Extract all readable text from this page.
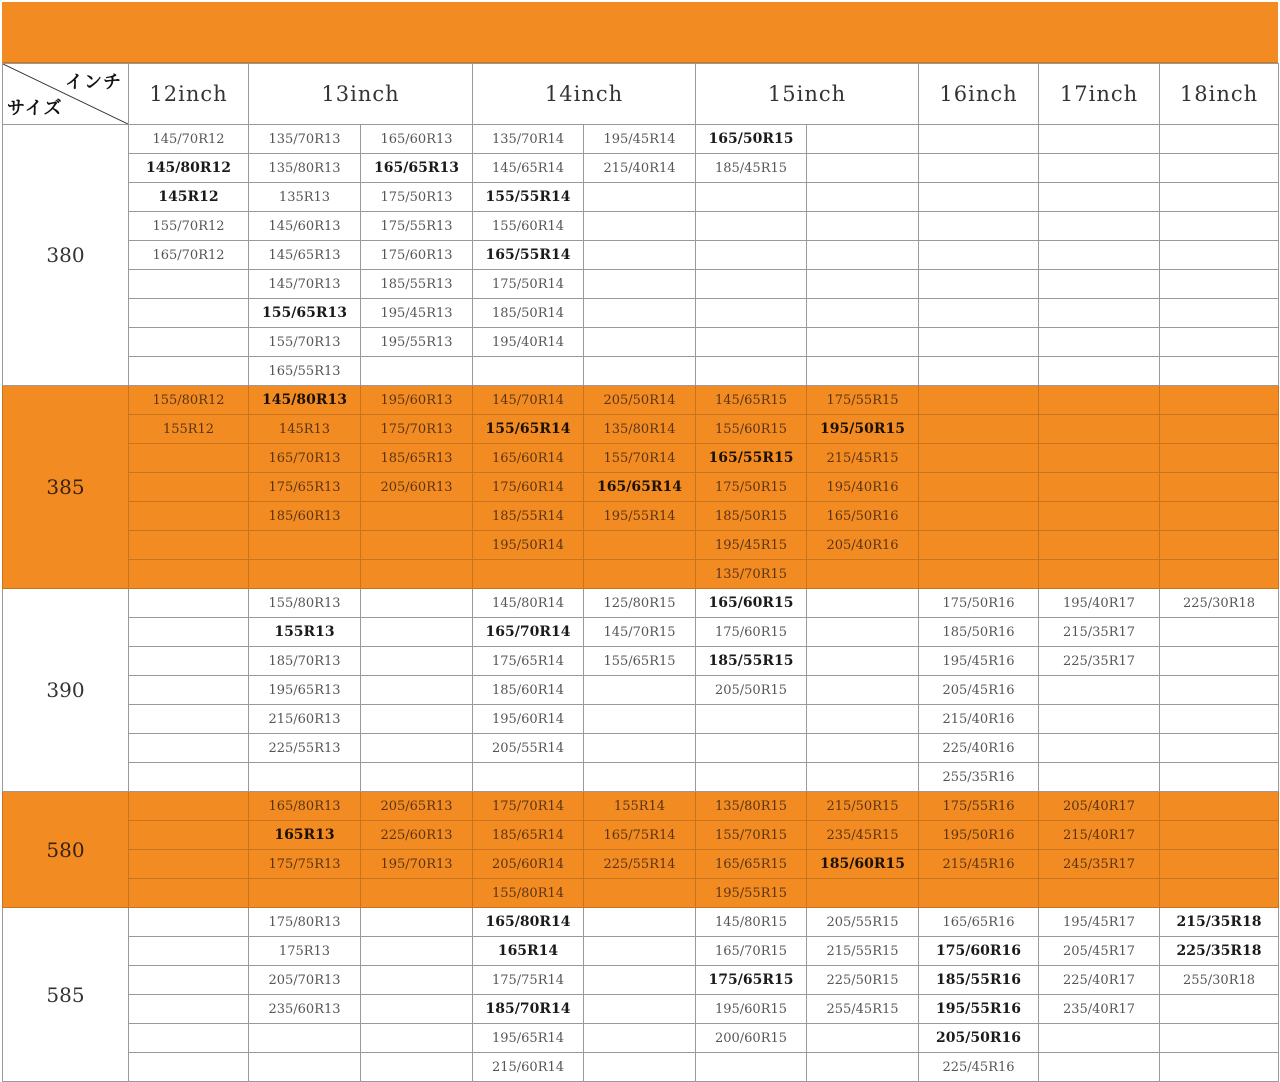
インチ
サイズ	12inch	13inch		14inch		15inch		16inch	17inch	18inch
380	145/70R12	135/70R13	165/60R13	135/70R14	195/45R14	165/50R15				
	145/80R12	135/80R13	165/65R13	145/65R14	215/40R14	185/45R15				
	145R12	135R13	175/50R13	155/55R14						
	155/70R12	145/60R13	175/55R13	155/60R14						
	165/70R12	145/65R13	175/60R13	165/55R14						
		145/70R13	185/55R13	175/50R14						
		155/65R13	195/45R13	185/50R14						
		155/70R13	195/55R13	195/40R14						
		165/55R13								
385	155/80R12	145/80R13	195/60R13	145/70R14	205/50R14	145/65R15	175/55R15			
	155R12	145R13	175/70R13	155/65R14	135/80R14	155/60R15	195/50R15			
		165/70R13	185/65R13	165/60R14	155/70R14	165/55R15	215/45R15			
		175/65R13	205/60R13	175/60R14	165/65R14	175/50R15	195/40R16			
		185/60R13		185/55R14	195/55R14	185/50R15	165/50R16			
				195/50R14		195/45R15	205/40R16			
						135/70R15				
390		155/80R13		145/80R14	125/80R15	165/60R15		175/50R16	195/40R17	225/30R18
		155R13		165/70R14	145/70R15	175/60R15		185/50R16	215/35R17	
		185/70R13		175/65R14	155/65R15	185/55R15		195/45R16	225/35R17	
		195/65R13		185/60R14		205/50R15		205/45R16		
		215/60R13		195/60R14				215/40R16		
		225/55R13		205/55R14				225/40R16		
								255/35R16		
580		165/80R13	205/65R13	175/70R14	155R14	135/80R15	215/50R15	175/55R16	205/40R17	
		165R13	225/60R13	185/65R14	165/75R14	155/70R15	235/45R15	195/50R16	215/40R17	
		175/75R13	195/70R13	205/60R14	225/55R14	165/65R15	185/60R15	215/45R16	245/35R17	
				155/80R14		195/55R15				
585		175/80R13		165/80R14		145/80R15	205/55R15	165/65R16	195/45R17	215/35R18
		175R13		165R14		165/70R15	215/55R15	175/60R16	205/45R17	225/35R18
		205/70R13		175/75R14		175/65R15	225/50R15	185/55R16	225/40R17	255/30R18
		235/60R13		185/70R14		195/60R15	255/45R15	195/55R16	235/40R17	
				195/65R14		200/60R15		205/50R16		
				215/60R14				225/45R16		
